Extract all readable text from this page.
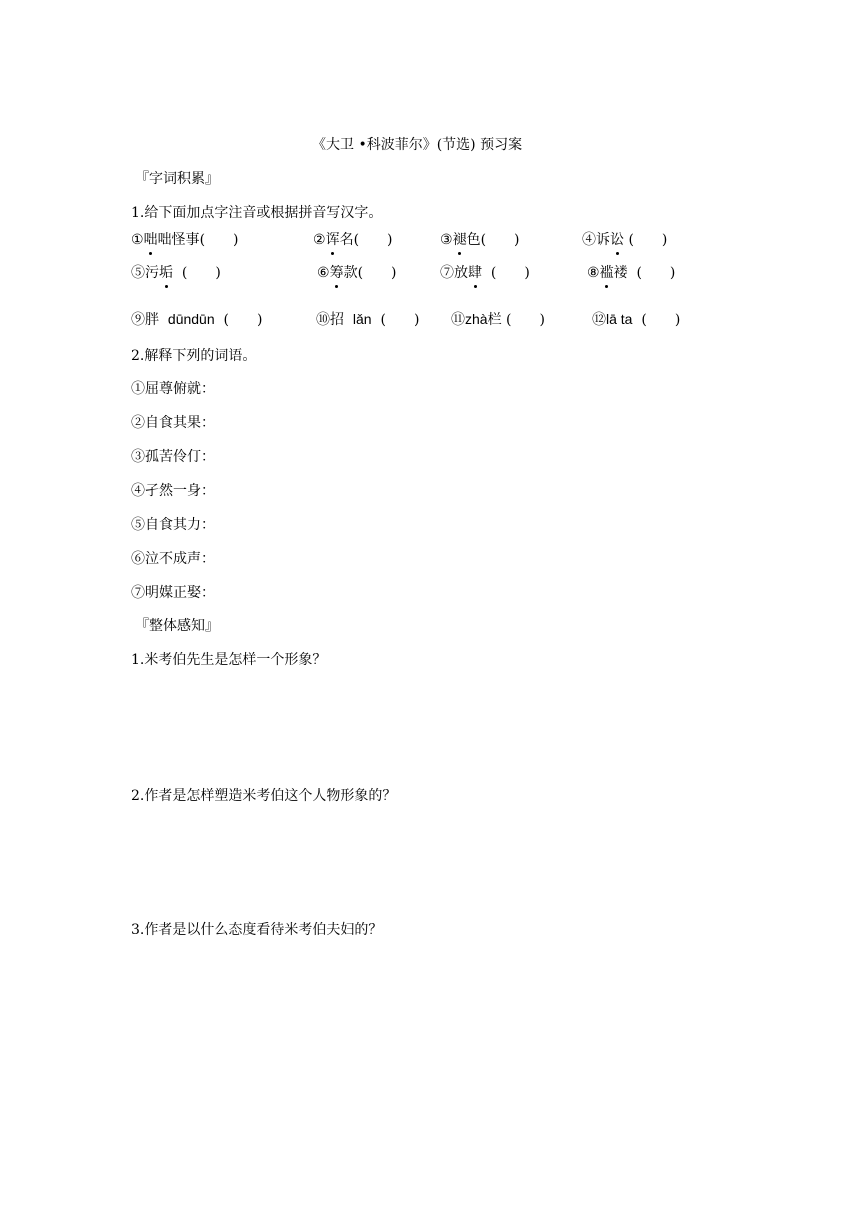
《大卫 •科波菲尔》(节选) 预习案
『字词积累』
1.给下面加点字注音或根据拼音写汉字。
①咄咄怪事(　　)	②诨名(　　)	③褪色(　　)	④诉讼 (　　)
⑤污垢 (　　)	⑥筹款(　　)	⑦放肆 (　　)	⑧褴褛 (　　)
⑨胖 dūndūn (　　)	⑩招 lǎn (　　) ⑪zhà栏 (　　)	⑫lā ta (　　)
2.解释下列的词语。
①屈尊俯就：
②自食其果：
③孤苦伶仃：
④孑然一身：
⑤自食其力：
⑥泣不成声：
⑦明媒正娶：
『整体感知』
1.米考伯先生是怎样一个形象？
2.作者是怎样塑造米考伯这个人物形象的？
3.作者是以什么态度看待米考伯夫妇的？
